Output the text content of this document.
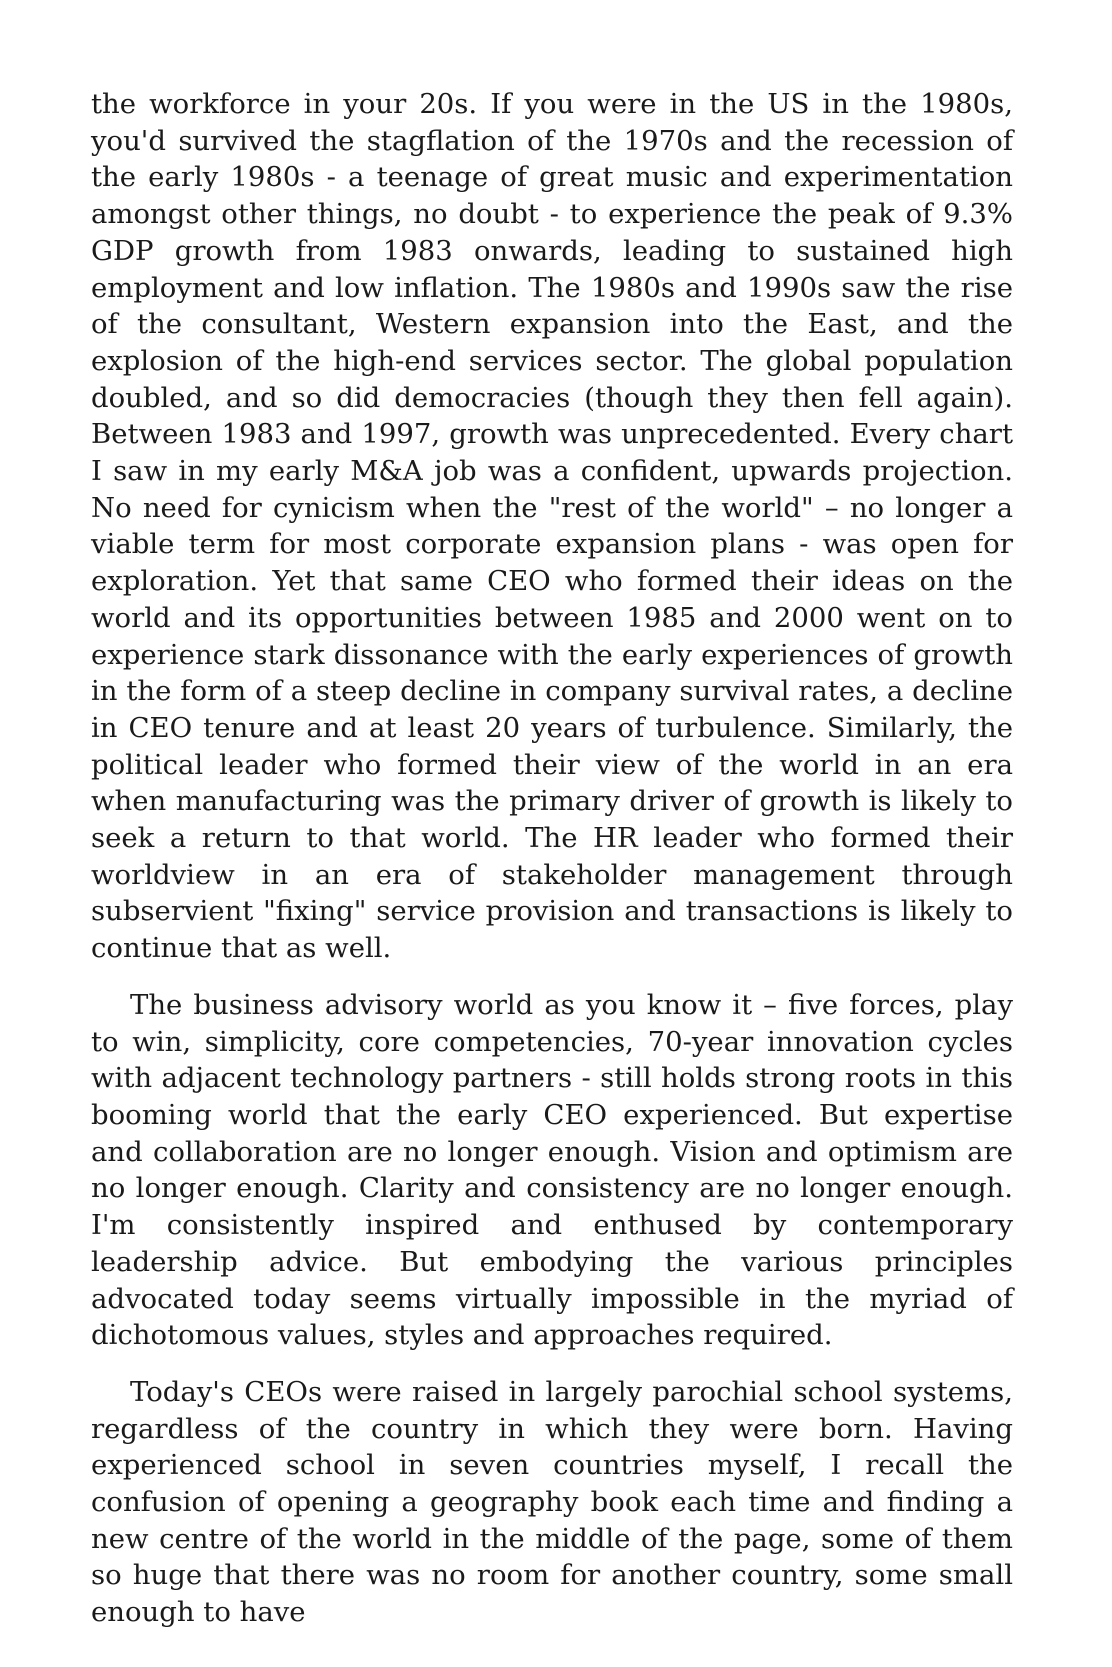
the workforce in your 20s. If you were in the US in the 1980s, you'd survived the stagflation of the 1970s and the recession of the early 1980s - a teenage of great music and experimentation amongst other things, no doubt - to experience the peak of 9.3% GDP growth from 1983 onwards, leading to sustained high employment and low inflation. The 1980s and 1990s saw the rise of the consultant, Western expansion into the East, and the explosion of the high-end services sector. The global population doubled, and so did democracies (though they then fell again). Between 1983 and 1997, growth was unprecedented. Every chart I saw in my early M&A job was a confident, upwards projection. No need for cynicism when the "rest of the world" – no longer a viable term for most corporate expansion plans - was open for exploration. Yet that same CEO who formed their ideas on the world and its opportunities between 1985 and 2000 went on to experience stark dissonance with the early experiences of growth in the form of a steep decline in company survival rates, a decline in CEO tenure and at least 20 years of turbulence. Similarly, the political leader who formed their view of the world in an era when manufacturing was the primary driver of growth is likely to seek a return to that world. The HR leader who formed their worldview in an era of stakeholder management through subservient "fixing" service provision and transactions is likely to continue that as well.

The business advisory world as you know it – five forces, play to win, simplicity, core competencies, 70-year innovation cycles with adjacent technology partners - still holds strong roots in this booming world that the early CEO experienced. But expertise and collaboration are no longer enough. Vision and optimism are no longer enough. Clarity and consistency are no longer enough. I'm consistently inspired and enthused by contemporary leadership advice. But embodying the various principles advocated today seems virtually impossible in the myriad of dichotomous values, styles and approaches required.

Today's CEOs were raised in largely parochial school systems, regardless of the country in which they were born. Having experienced school in seven countries myself, I recall the confusion of opening a geography book each time and finding a new centre of the world in the middle of the page, some of them so huge that there was no room for another country, some small enough to have
